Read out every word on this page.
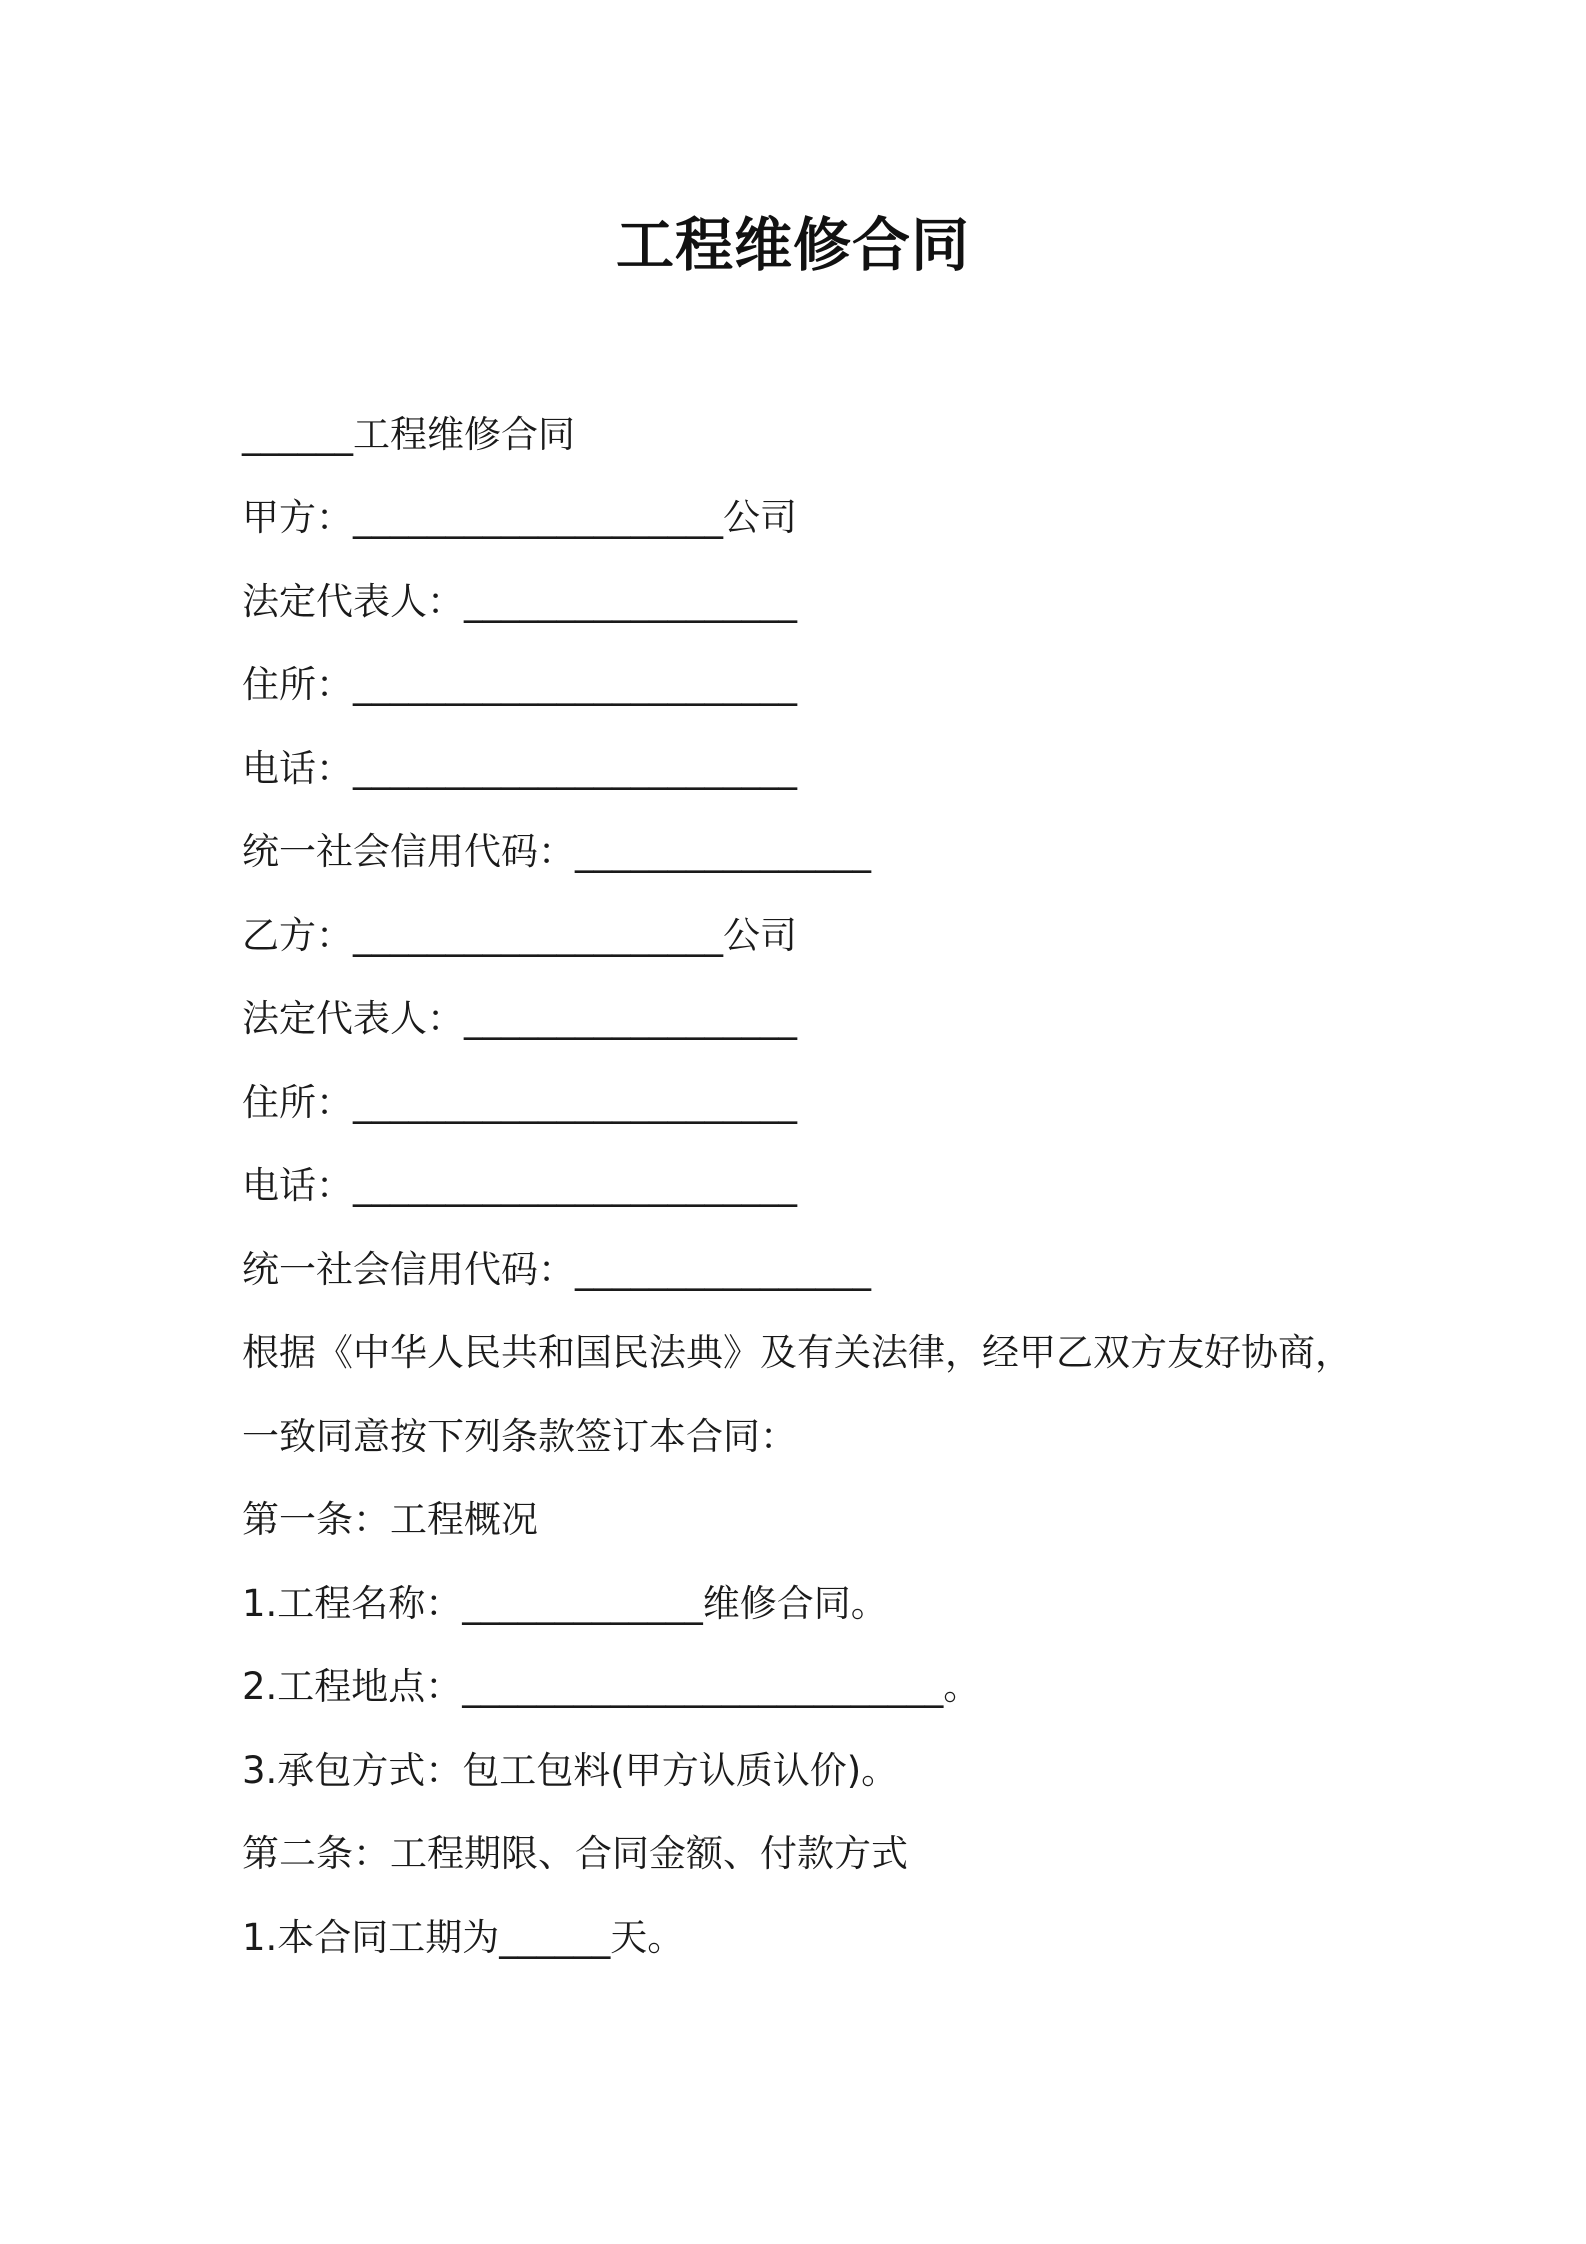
工程维修合同
______工程维修合同
甲方：____________________公司
法定代表人：__________________
住所：________________________
电话：________________________
统一社会信用代码：________________
乙方：____________________公司
法定代表人：__________________
住所：________________________
电话：________________________
统一社会信用代码：________________
根据《中华人民共和国民法典》及有关法律，经甲乙双方友好协商，
一致同意按下列条款签订本合同：
第一条：工程概况
1.工程名称：_____________维修合同。
2.工程地点：__________________________。
3.承包方式：包工包料(甲方认质认价)。
第二条：工程期限、合同金额、付款方式
1.本合同工期为______天。
